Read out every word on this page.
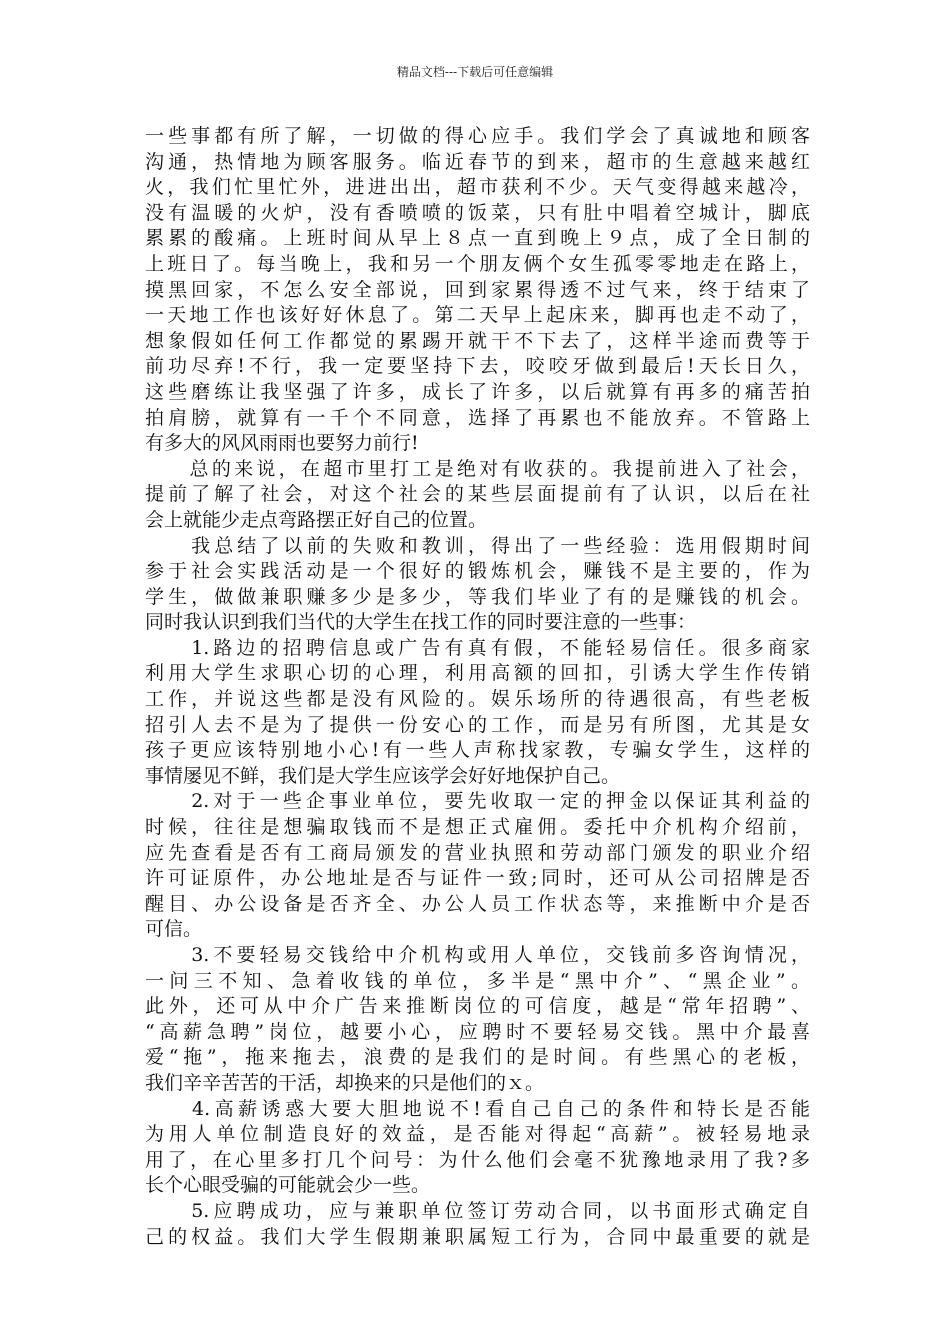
精品文档---下载后可任意编辑
一些事都有所了解，一切做的得心应手。我们学会了真诚地和顾客
沟通，热情地为顾客服务。临近春节的到来，超市的生意越来越红
火，我们忙里忙外，进进出出，超市获利不少。天气变得越来越冷，
没有温暖的火炉，没有香喷喷的饭菜，只有肚中唱着空城计，脚底
累累的酸痛。上班时间从早上８点一直到晚上９点，成了全日制的
上班日了。每当晚上，我和另一个朋友俩个女生孤零零地走在路上，
摸黑回家，不怎么安全部说，回到家累得透不过气来，终于结束了
一天地工作也该好好休息了。第二天早上起床来，脚再也走不动了，
想象假如任何工作都觉的累踢开就干不下去了，这样半途而费等于
前功尽弃!不行，我一定要坚持下去，咬咬牙做到最后!天长日久，
这些磨练让我坚强了许多，成长了许多，以后就算有再多的痛苦拍
拍肩膀，就算有一千个不同意，选择了再累也不能放弃。不管路上
有多大的风风雨雨也要努力前行!
　　总的来说，在超市里打工是绝对有收获的。我提前进入了社会，
提前了解了社会，对这个社会的某些层面提前有了认识，以后在社
会上就能少走点弯路摆正好自己的位置。
　　我总结了以前的失败和教训，得出了一些经验：选用假期时间
参于社会实践活动是一个很好的锻炼机会，赚钱不是主要的，作为
学生，做做兼职赚多少是多少，等我们毕业了有的是赚钱的机会。
同时我认识到我们当代的大学生在找工作的同时要注意的一些事：
　　1.路边的招聘信息或广告有真有假，不能轻易信任。很多商家
利用大学生求职心切的心理，利用高额的回扣，引诱大学生作传销
工作，并说这些都是没有风险的。娱乐场所的待遇很高，有些老板
招引人去不是为了提供一份安心的工作，而是另有所图，尤其是女
孩子更应该特别地小心!有一些人声称找家教，专骗女学生，这样的
事情屡见不鲜，我们是大学生应该学会好好地保护自己。
　　2.对于一些企事业单位，要先收取一定的押金以保证其利益的
时候，往往是想骗取钱而不是想正式雇佣。委托中介机构介绍前，
应先查看是否有工商局颁发的营业执照和劳动部门颁发的职业介绍
许可证原件，办公地址是否与证件一致;同时，还可从公司招牌是否
醒目、办公设备是否齐全、办公人员工作状态等，来推断中介是否
可信。
　　3.不要轻易交钱给中介机构或用人单位，交钱前多咨询情况，
一问三不知、急着收钱的单位，多半是“黑中介”、“黑企业”。
此外，还可从中介广告来推断岗位的可信度，越是“常年招聘”、
“高薪急聘”岗位，越要小心，应聘时不要轻易交钱。黑中介最喜
爱“拖”，拖来拖去，浪费的是我们的是时间。有些黑心的老板，
我们辛辛苦苦的干活，却换来的只是他们的ｘ。
　　4.高薪诱惑大要大胆地说不!看自己自己的条件和特长是否能
为用人单位制造良好的效益，是否能对得起“高薪”。被轻易地录
用了，在心里多打几个问号：为什么他们会毫不犹豫地录用了我?多
长个心眼受骗的可能就会少一些。
　　5.应聘成功，应与兼职单位签订劳动合同，以书面形式确定自
己的权益。我们大学生假期兼职属短工行为，合同中最重要的就是
